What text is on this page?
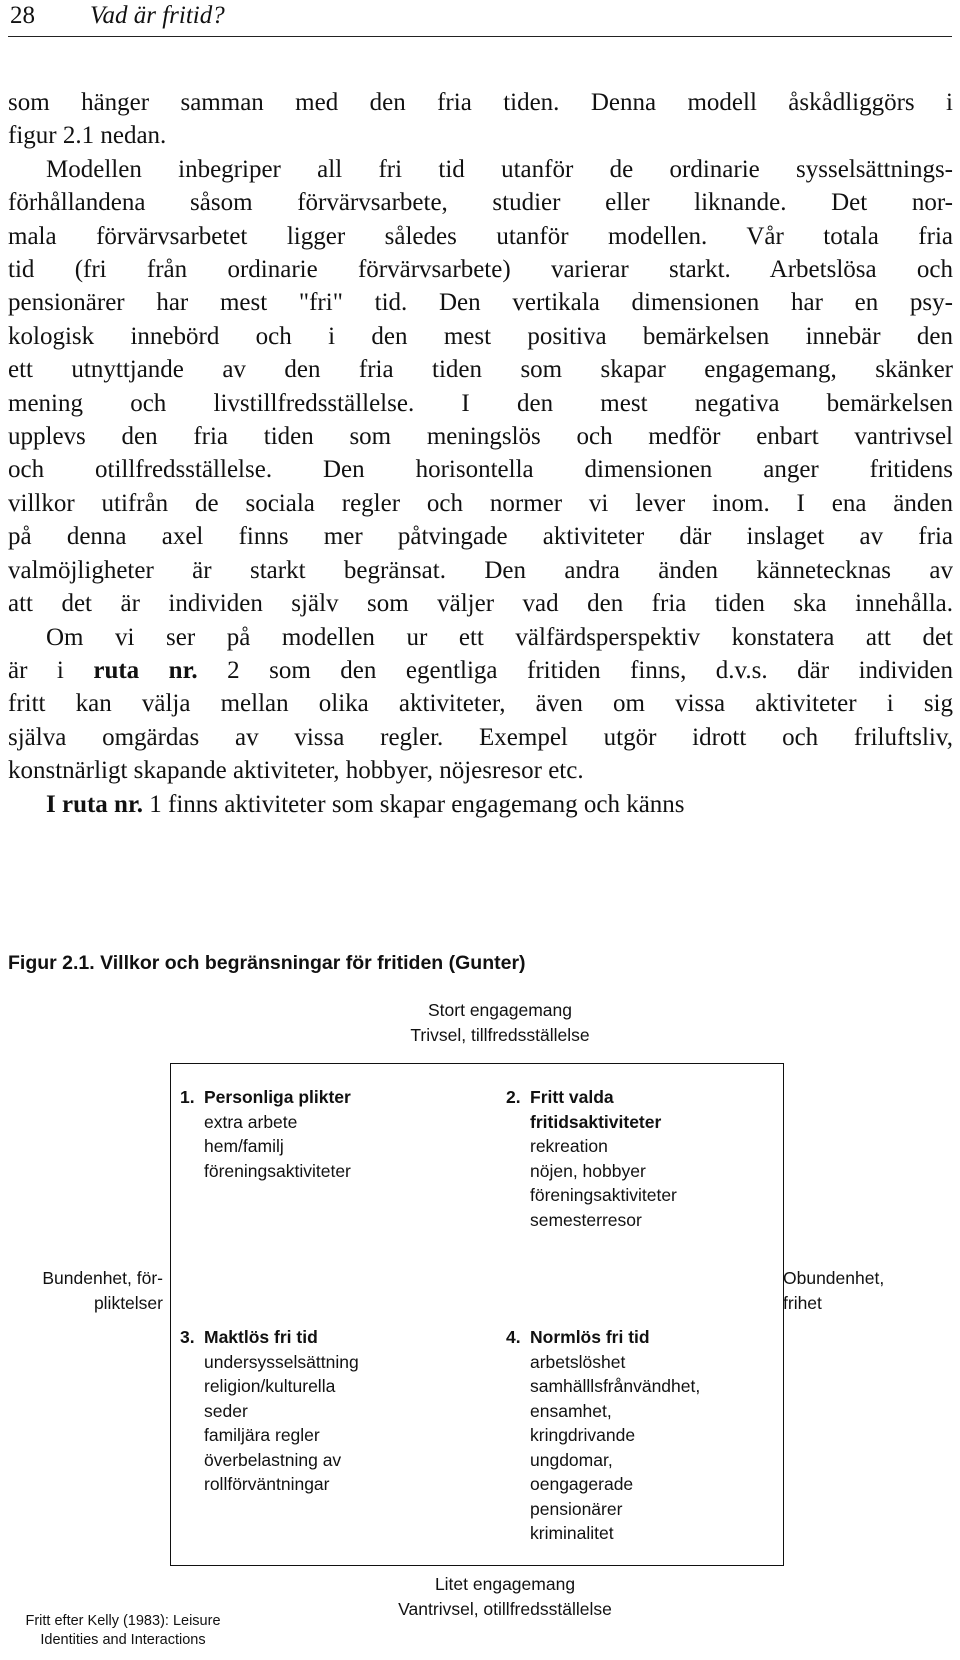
28 Vad är fritid?
som hänger samman med den fria tiden. Denna modell åskådliggörs i
figur 2.1 nedan.
Modellen inbegriper all fri tid utanför de ordinarie sysselsättnings-
förhållandena såsom förvärvsarbete, studier eller liknande. Det nor-
mala förvärvsarbetet ligger således utanför modellen. Vår totala fria
tid (fri från ordinarie förvärvsarbete) varierar starkt. Arbetslösa och
pensionärer har mest "fri" tid. Den vertikala dimensionen har en psy-
kologisk innebörd och i den mest positiva bemärkelsen innebär den
ett utnyttjande av den fria tiden som skapar engagemang, skänker
mening och livstillfredsställelse. I den mest negativa bemärkelsen
upplevs den fria tiden som meningslös och medför enbart vantrivsel
och otillfredsställelse. Den horisontella dimensionen anger fritidens
villkor utifrån de sociala regler och normer vi lever inom. I ena änden
på denna axel finns mer påtvingade aktiviteter där inslaget av fria
valmöjligheter är starkt begränsat. Den andra änden kännetecknas av
att det är individen själv som väljer vad den fria tiden ska innehålla.
Om vi ser på modellen ur ett välfärdsperspektiv konstatera att det
är i ruta nr. 2 som den egentliga fritiden finns, d.v.s. där individen
fritt kan välja mellan olika aktiviteter, även om vissa aktiviteter i sig
själva omgärdas av vissa regler. Exempel utgör idrott och friluftsliv,
konstnärligt skapande aktiviteter, hobbyer, nöjesresor etc.
I ruta nr. 1 finns aktiviteter som skapar engagemang och känns
Figur 2.1. Villkor och begränsningar för fritiden (Gunter)
Stort engagemang
Trivsel, tillfredsställelse
Bundenhet, för-
pliktelser
Obundenhet,
frihet
1. Personliga plikter
extra arbete
hem/familj
föreningsaktiviteter
2. Fritt valda
fritidsaktiviteter
rekreation
nöjen, hobbyer
föreningsaktiviteter
semesterresor
3. Maktlös fri tid
undersysselsättning
religion/kulturella
seder
familjära regler
överbelastning av
rollförväntningar
4. Normlös fri tid
arbetslöshet
samhälllsfrånvändhet,
ensamhet,
kringdrivande
ungdomar,
oengagerade
pensionärer
kriminalitet
Fritt efter Kelly (1983): Leisure
Identities and Interactions
Litet engagemang
Vantrivsel, otillfredsställelse
